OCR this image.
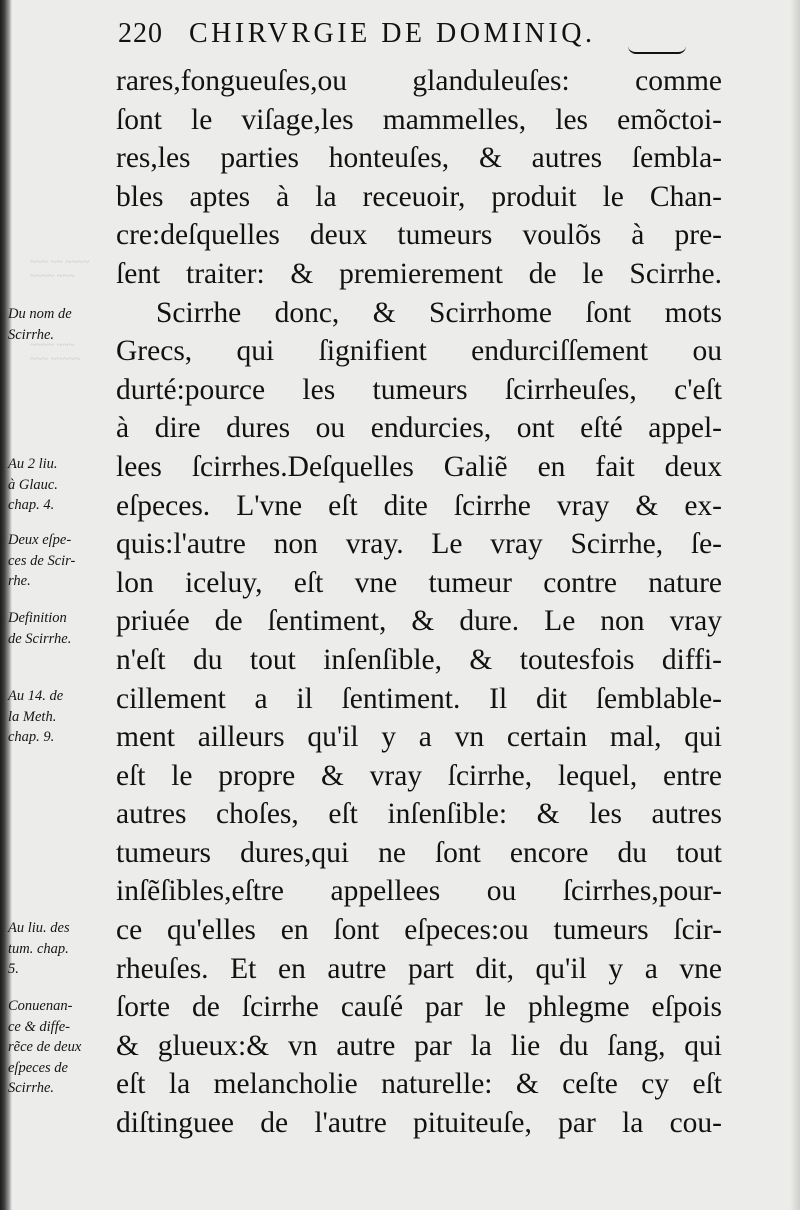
~~~ ~~ ~~~~
~~~~ ~~~
~~~~ ~~~
~~~ ~~~~~
220 CHIRVRGIE DE DOMINIQ.
rares,fongueuſes,ou glanduleuſes: comme
ſont le viſage,les mammelles, les emõctoi-
res,les parties honteuſes, & autres ſembla-
bles aptes à la receuoir, produit le Chan-
cre:deſquelles deux tumeurs voulõs à pre-
ſent traiter: & premierement de le Scirrhe.
Scirrhe donc, & Scirrhome ſont mots
Grecs, qui ſignifient endurciſſement ou
durté:pource les tumeurs ſcirrheuſes, c'eſt
à dire dures ou endurcies, ont eſté appel-
lees ſcirrhes.Deſquelles Galiẽ en fait deux
eſpeces. L'vne eſt dite ſcirrhe vray & ex-
quis:l'autre non vray. Le vray Scirrhe, ſe-
lon iceluy, eſt vne tumeur contre nature
priuée de ſentiment, & dure. Le non vray
n'eſt du tout inſenſible, & toutesfois diffi-
cillement a il ſentiment. Il dit ſemblable-
ment ailleurs qu'il y a vn certain mal, qui
eſt le propre & vray ſcirrhe, lequel, entre
autres choſes, eſt inſenſible: & les autres
tumeurs dures,qui ne ſont encore du tout
inſẽſibles,eſtre appellees ou ſcirrhes,pour-
ce qu'elles en ſont eſpeces:ou tumeurs ſcir-
rheuſes. Et en autre part dit, qu'il y a vne
ſorte de ſcirrhe cauſé par le phlegme eſpois
& glueux:& vn autre par la lie du ſang, qui
eſt la melancholie naturelle: & ceſte cy eſt
diſtinguee de l'autre pituiteuſe, par la cou-
Du nom de
Scirrhe.
Au 2 liu.
à Glauc.
chap. 4.
Deux eſpe-
ces de Scir-
rhe.
Definition
de Scirrhe.
Au 14. de
la Meth.
chap. 9.
Au liu. des
tum. chap.
5.
Conuenan-
ce & diffe-
rẽce de deux
eſpeces de
Scirrhe.
